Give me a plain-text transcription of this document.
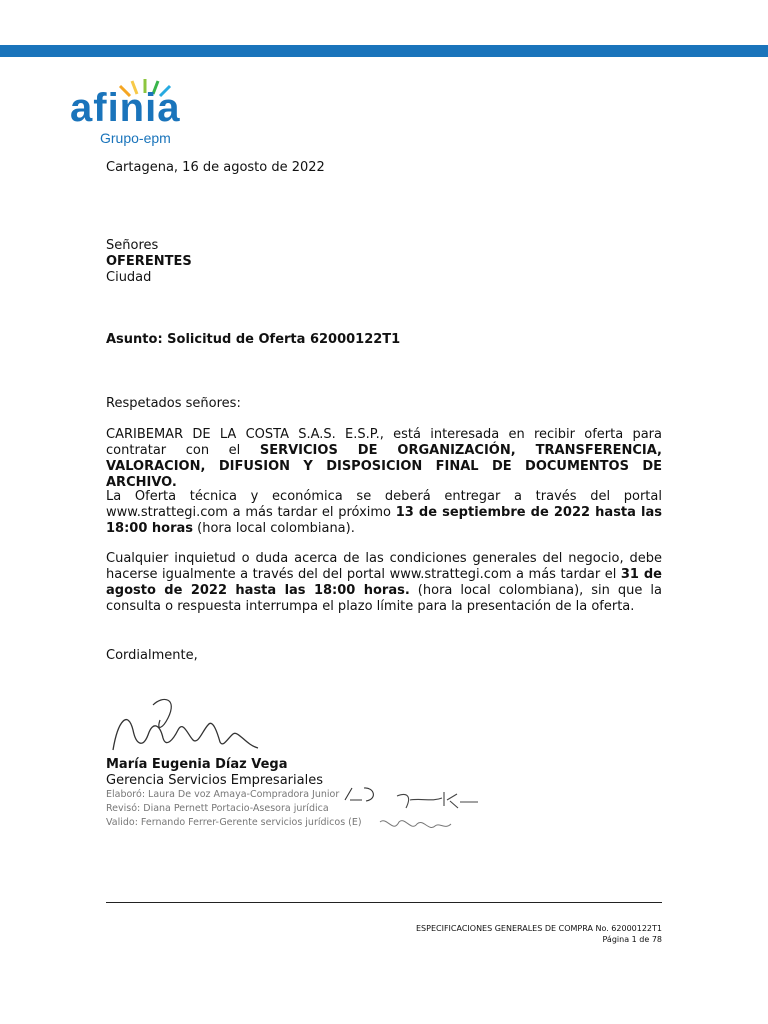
afinia
Grupo-epm
Cartagena, 16 de agosto de 2022
Señores
OFERENTES
Ciudad
Asunto: Solicitud de Oferta 62000122T1
Respetados señores:
CARIBEMAR DE LA COSTA S.A.S. E.S.P., está interesada en recibir oferta para contratar con el SERVICIOS DE ORGANIZACIÓN, TRANSFERENCIA, VALORACION, DIFUSION Y DISPOSICION FINAL DE DOCUMENTOS DE ARCHIVO.
La Oferta técnica y económica se deberá entregar a través del portal www.strattegi.com a más tardar el próximo 13 de septiembre de 2022 hasta las 18:00 horas (hora local colombiana).
Cualquier inquietud o duda acerca de las condiciones generales del negocio, debe hacerse igualmente a través del del portal www.strattegi.com a más tardar el 31 de agosto de 2022 hasta las 18:00 horas. (hora local colombiana), sin que la consulta o respuesta interrumpa el plazo límite para la presentación de la oferta.
Cordialmente,
María Eugenia Díaz Vega
Gerencia Servicios Empresariales
Elaboró: Laura De voz Amaya-Compradora Junior
Revisó: Diana Pernett Portacio-Asesora jurídica
Valido: Fernando Ferrer-Gerente servicios jurídicos (E)
ESPECIFICACIONES GENERALES DE COMPRA No. 62000122T1
Página 1 de 78
